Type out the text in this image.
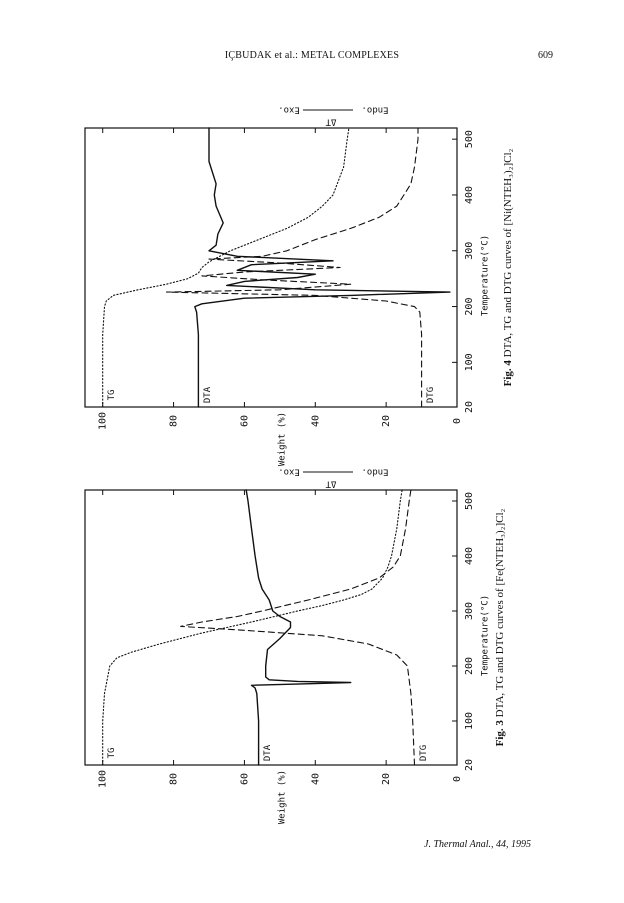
IÇBUDAK et al.: METAL COMPLEXES	609
J. Thermal Anal., 44, 1995
20
100
200
300
400
500
100	80	60	40	20	0
Weight (%)
Temperature(°C)
Endo.
Exo.
ΔT
TG	DTA	DTG
Fig. 3 DTA, TG and DTG curves of [Fe(NTEH₃)₂]Cl₂
20
100
200
300
400
500
100	80	60	40	20	0
Weight (%)
Temperature(°C)
Endo.
Exo.
ΔT
TG	DTA	DTG
Fig. 4 DTA, TG and DTG curves of [Ni(NTEH₃)₂]Cl₂
